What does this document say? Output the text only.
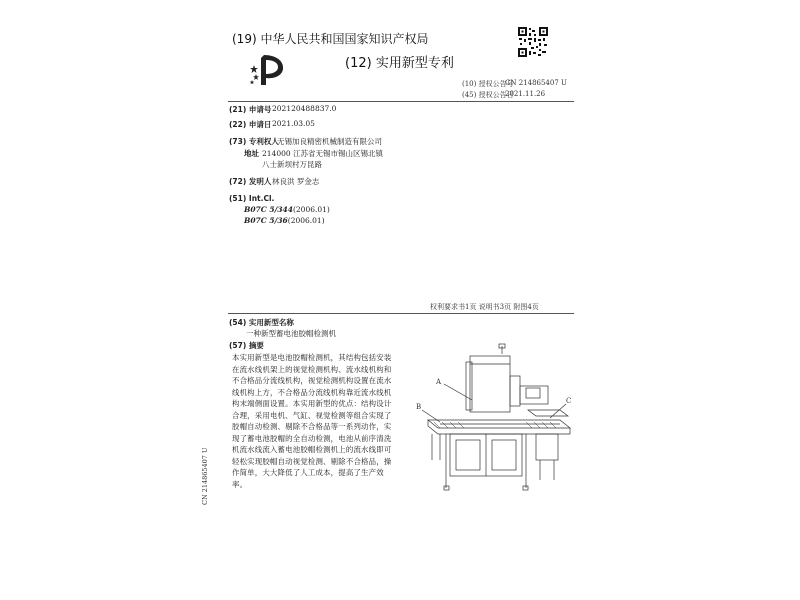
(19) 中华人民共和国国家知识产权局
(12) 实用新型专利
(10) 授权公告号
CN 214865407 U
(45) 授权公告日
2021.11.26
(21) 申请号 202120488837.0
(22) 申请日 2021.03.05
(73) 专利权人
无锡加良精密机械制造有限公司
地址 214000 江苏省无锡市锡山区锡北镇
八士新坝村万昆路
(72) 发明人 林良洪 罗金志
(51) Int.Cl.
B07C 5/344(2006.01)
B07C 5/36(2006.01)
权利要求书1页 说明书3页 附图4页
(54) 实用新型名称
一种新型蓄电池胶帽检测机
(57) 摘要
本实用新型是电池胶帽检测机，其结构包括安装在流水线机架上的视觉检测机构、流水线机构和不合格品分流线机构，视觉检测机构设置在流水线机构上方，不合格品分流线机构靠近流水线机构末端侧面设置。本实用新型的优点：结构设计合理，采用电机、气缸、视觉检测等组合实现了胶帽自动检测、剔除不合格品等一系列动作，实现了蓄电池胶帽的全自动检测，电池从前序清洗机流水线流入蓄电池胶帽检测机上的流水线即可轻松实现胶帽自动视觉检测、剔除不合格品，操作简单，大大降低了人工成本，提高了生产效率。
A
B
C
CN 214865407 U
